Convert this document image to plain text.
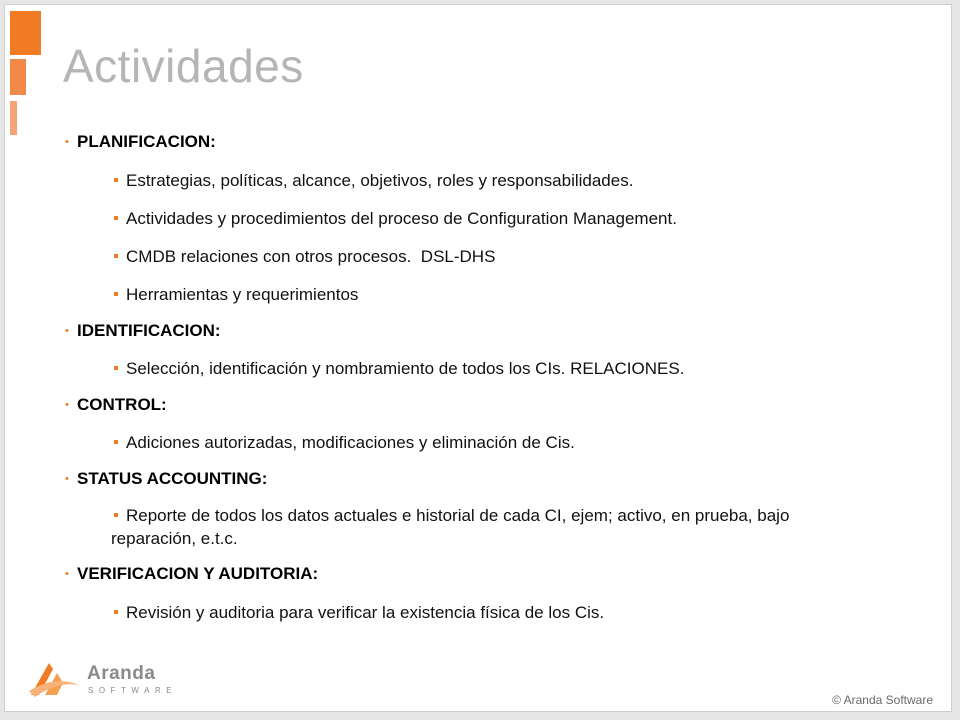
Actividades
• PLANIFICACION:
Estrategias, políticas, alcance, objetivos, roles y responsabilidades.
Actividades y procedimientos del proceso de Configuration Management.
CMDB relaciones con otros procesos.  DSL-DHS
Herramientas y requerimientos
• IDENTIFICACION:
Selección, identificación y nombramiento de todos los CIs. RELACIONES.
• CONTROL:
Adiciones autorizadas, modificaciones y eliminación de Cis.
• STATUS ACCOUNTING:
Reporte de todos los datos actuales e historial de cada CI, ejem; activo, en prueba, bajo reparación, e.t.c.
• VERIFICACION Y AUDITORIA:
Revisión y auditoria para verificar la existencia física de los Cis.
Aranda
SOFTWARE
© Aranda Software
